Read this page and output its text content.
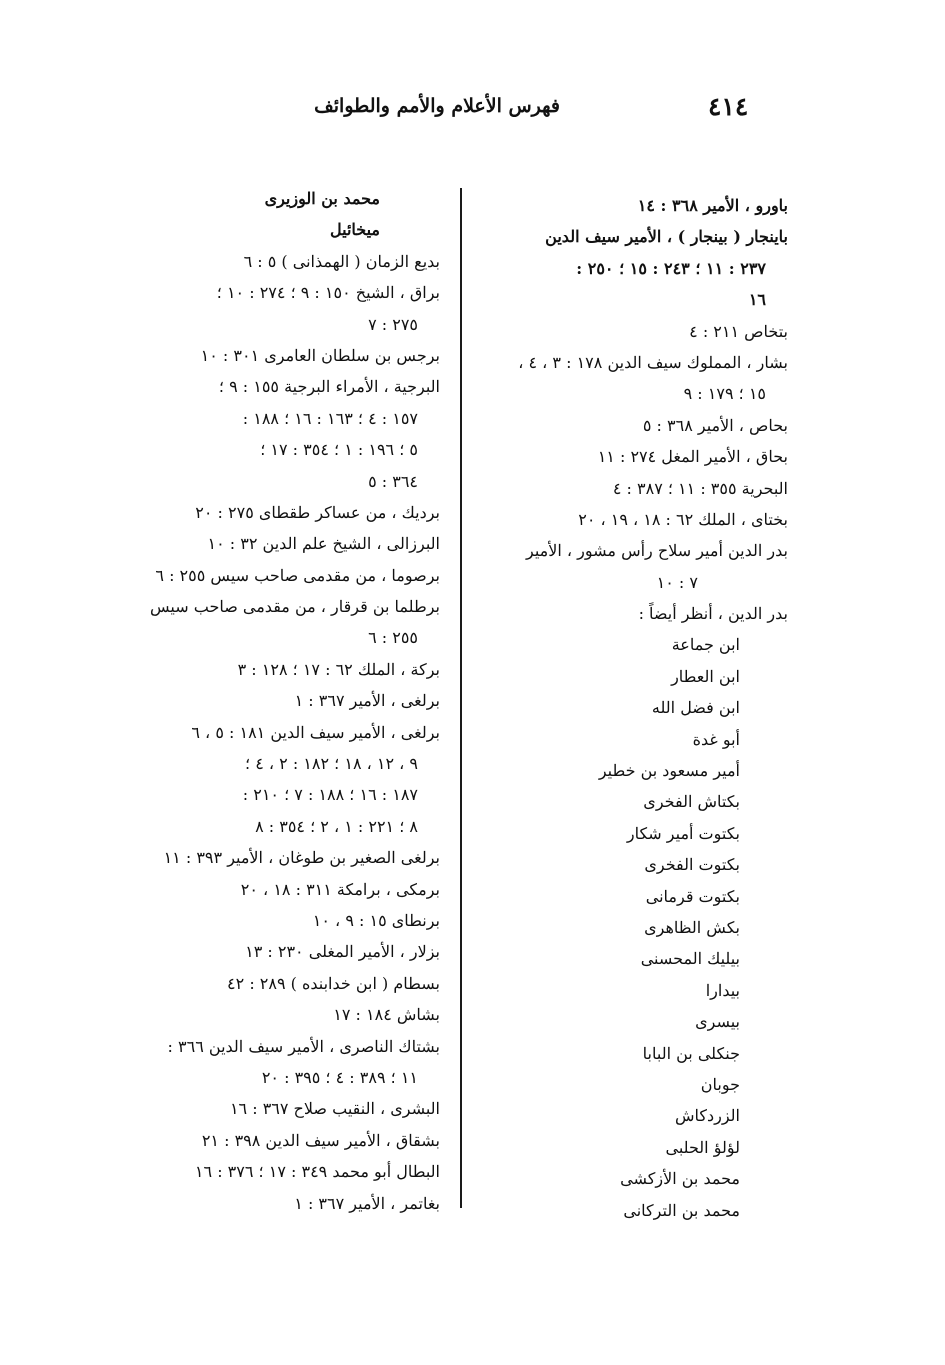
٤١٤
فهرس الأعلام والأمم والطوائف
باورو ، الأمير ٣٦٨ : ١٤
باينجار ( بينجار ) ، الأمير سيف الدين
٢٣٧ : ١١ ؛ ٢٤٣ : ١٥ ؛ ٢٥٠ :
١٦
بتخاص ٢١١ : ٤
بشار ، المملوك سيف الدين ١٧٨ : ٣ ، ٤ ،
١٥ ؛ ١٧٩ : ٩
بحاص ، الأمير ٣٦٨ : ٥
بحاق ، الأمير المغل ٢٧٤ : ١١
البحرية ٣٥٥ : ١١ ؛ ٣٨٧ : ٤
بختاى ، الملك ٦٢ : ١٨ ، ١٩ ، ٢٠
بدر الدين أمير سلاح رأس مشور ، الأمير
٧ : ١٠
بدر الدين ، أنظر أيضاً :
ابن جماعة
ابن العطار
ابن فضل الله
أبو غدة
أمير مسعود بن خطير
بكتاش الفخرى
بكتوت أمير شكار
بكتوت الفخرى
بكتوت قرمانى
بكش الظاهرى
بيليك المحسنى
بيدارا
بيسرى
جنكلى بن البابا
جوبان
الزردكاش
لؤلؤ الحلبى
محمد بن الأزكشى
محمد بن التركانى
محمد بن الوزيرى
ميخائيل
بديع الزمان ( الهمذانى ) ٥ : ٦
براق ، الشيخ ١٥٠ : ٩ ؛ ٢٧٤ : ١٠ ؛
٢٧٥ : ٧
برجس بن سلطان العامرى ٣٠١ : ١٠
البرجية ، الأمراء البرجية ١٥٥ : ٩ ؛
١٥٧ : ٤ ؛ ١٦٣ : ١٦ ؛ ١٨٨ :
٥ ؛ ١٩٦ : ١ ؛ ٣٥٤ : ١٧ ؛
٣٦٤ : ٥
برديك ، من عساكر طقطاى ٢٧٥ : ٢٠
البرزالى ، الشيخ علم الدين ٣٢ : ١٠
برصوما ، من مقدمى صاحب سيس ٢٥٥ : ٦
برطلما بن قرقار ، من مقدمى صاحب سيس
٢٥٥ : ٦
بركة ، الملك ٦٢ : ١٧ ؛ ١٢٨ : ٣
برلغى ، الأمير ٣٦٧ : ١
برلغى ، الأمير سيف الدين ١٨١ : ٥ ، ٦
٩ ، ١٢ ، ١٨ ؛ ١٨٢ : ٢ ، ٤ ؛
١٨٧ : ١٦ ؛ ١٨٨ : ٧ ؛ ٢١٠ :
٨ ؛ ٢٢١ : ١ ، ٢ ؛ ٣٥٤ : ٨
برلغى الصغير بن طوغان ، الأمير ٣٩٣ : ١١
برمكى ، برامكة ٣١١ : ١٨ ، ٢٠
برنطاى ١٥ : ٩ ، ١٠
بزلار ، الأمير المغلى ٢٣٠ : ١٣
بسطام ( ابن خدابنده ) ٢٨٩ : ٤٢
بشاش ١٨٤ : ١٧
بشتاك الناصرى ، الأمير سيف الدين ٣٦٦ :
١١ ؛ ٣٨٩ : ٤ ؛ ٣٩٥ : ٢٠
البشرى ، النقيب صلاح ٣٦٧ : ١٦
بشقاق ، الأمير سيف الدين ٣٩٨ : ٢١
البطال أبو محمد ٣٤٩ : ١٧ ؛ ٣٧٦ : ١٦
بغاتمر ، الأمير ٣٦٧ : ١
